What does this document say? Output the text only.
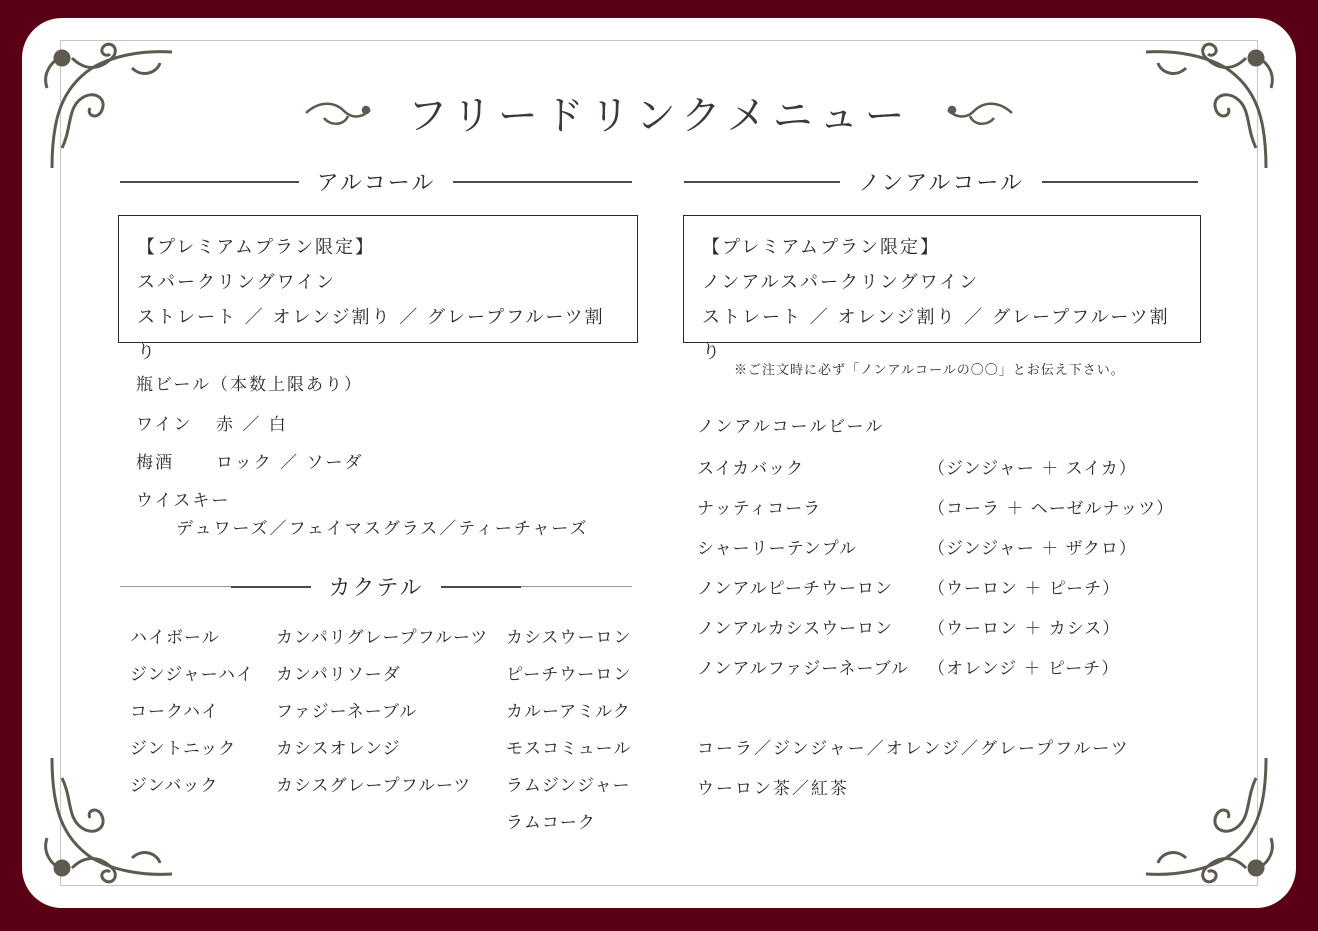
フリードリンクメニュー
アルコール
【プレミアムプラン限定】
スパークリングワイン
ストレート ／ オレンジ割り ／ グレープフルーツ割り
瓶ビール（本数上限あり）
ワイン 赤 ／ 白
梅酒 ロック ／ ソーダ
ウイスキー
デュワーズ／フェイマスグラス／ティーチャーズ
カクテル
ハイボール
ジンジャーハイ
コークハイ
ジントニック
ジンバック
カンパリグレープフルーツ
カンパリソーダ
ファジーネーブル
カシスオレンジ
カシスグレープフルーツ
カシスウーロン
ピーチウーロン
カルーアミルク
モスコミュール
ラムジンジャー
ラムコーク
ノンアルコール
【プレミアムプラン限定】
ノンアルスパークリングワイン
ストレート ／ オレンジ割り ／ グレープフルーツ割り
※ご注文時に必ず「ノンアルコールの〇〇」とお伝え下さい。
ノンアルコールビール
スイカバック
ナッティコーラ
シャーリーテンプル
ノンアルピーチウーロン
ノンアルカシスウーロン
ノンアルファジーネーブル
（ジンジャー ＋ スイカ）
（コーラ ＋ ヘーゼルナッツ）
（ジンジャー ＋ ザクロ）
（ウーロン ＋ ピーチ）
（ウーロン ＋ カシス）
（オレンジ ＋ ピーチ）
コーラ／ジンジャー／オレンジ／グレープフルーツ
ウーロン茶／紅茶
